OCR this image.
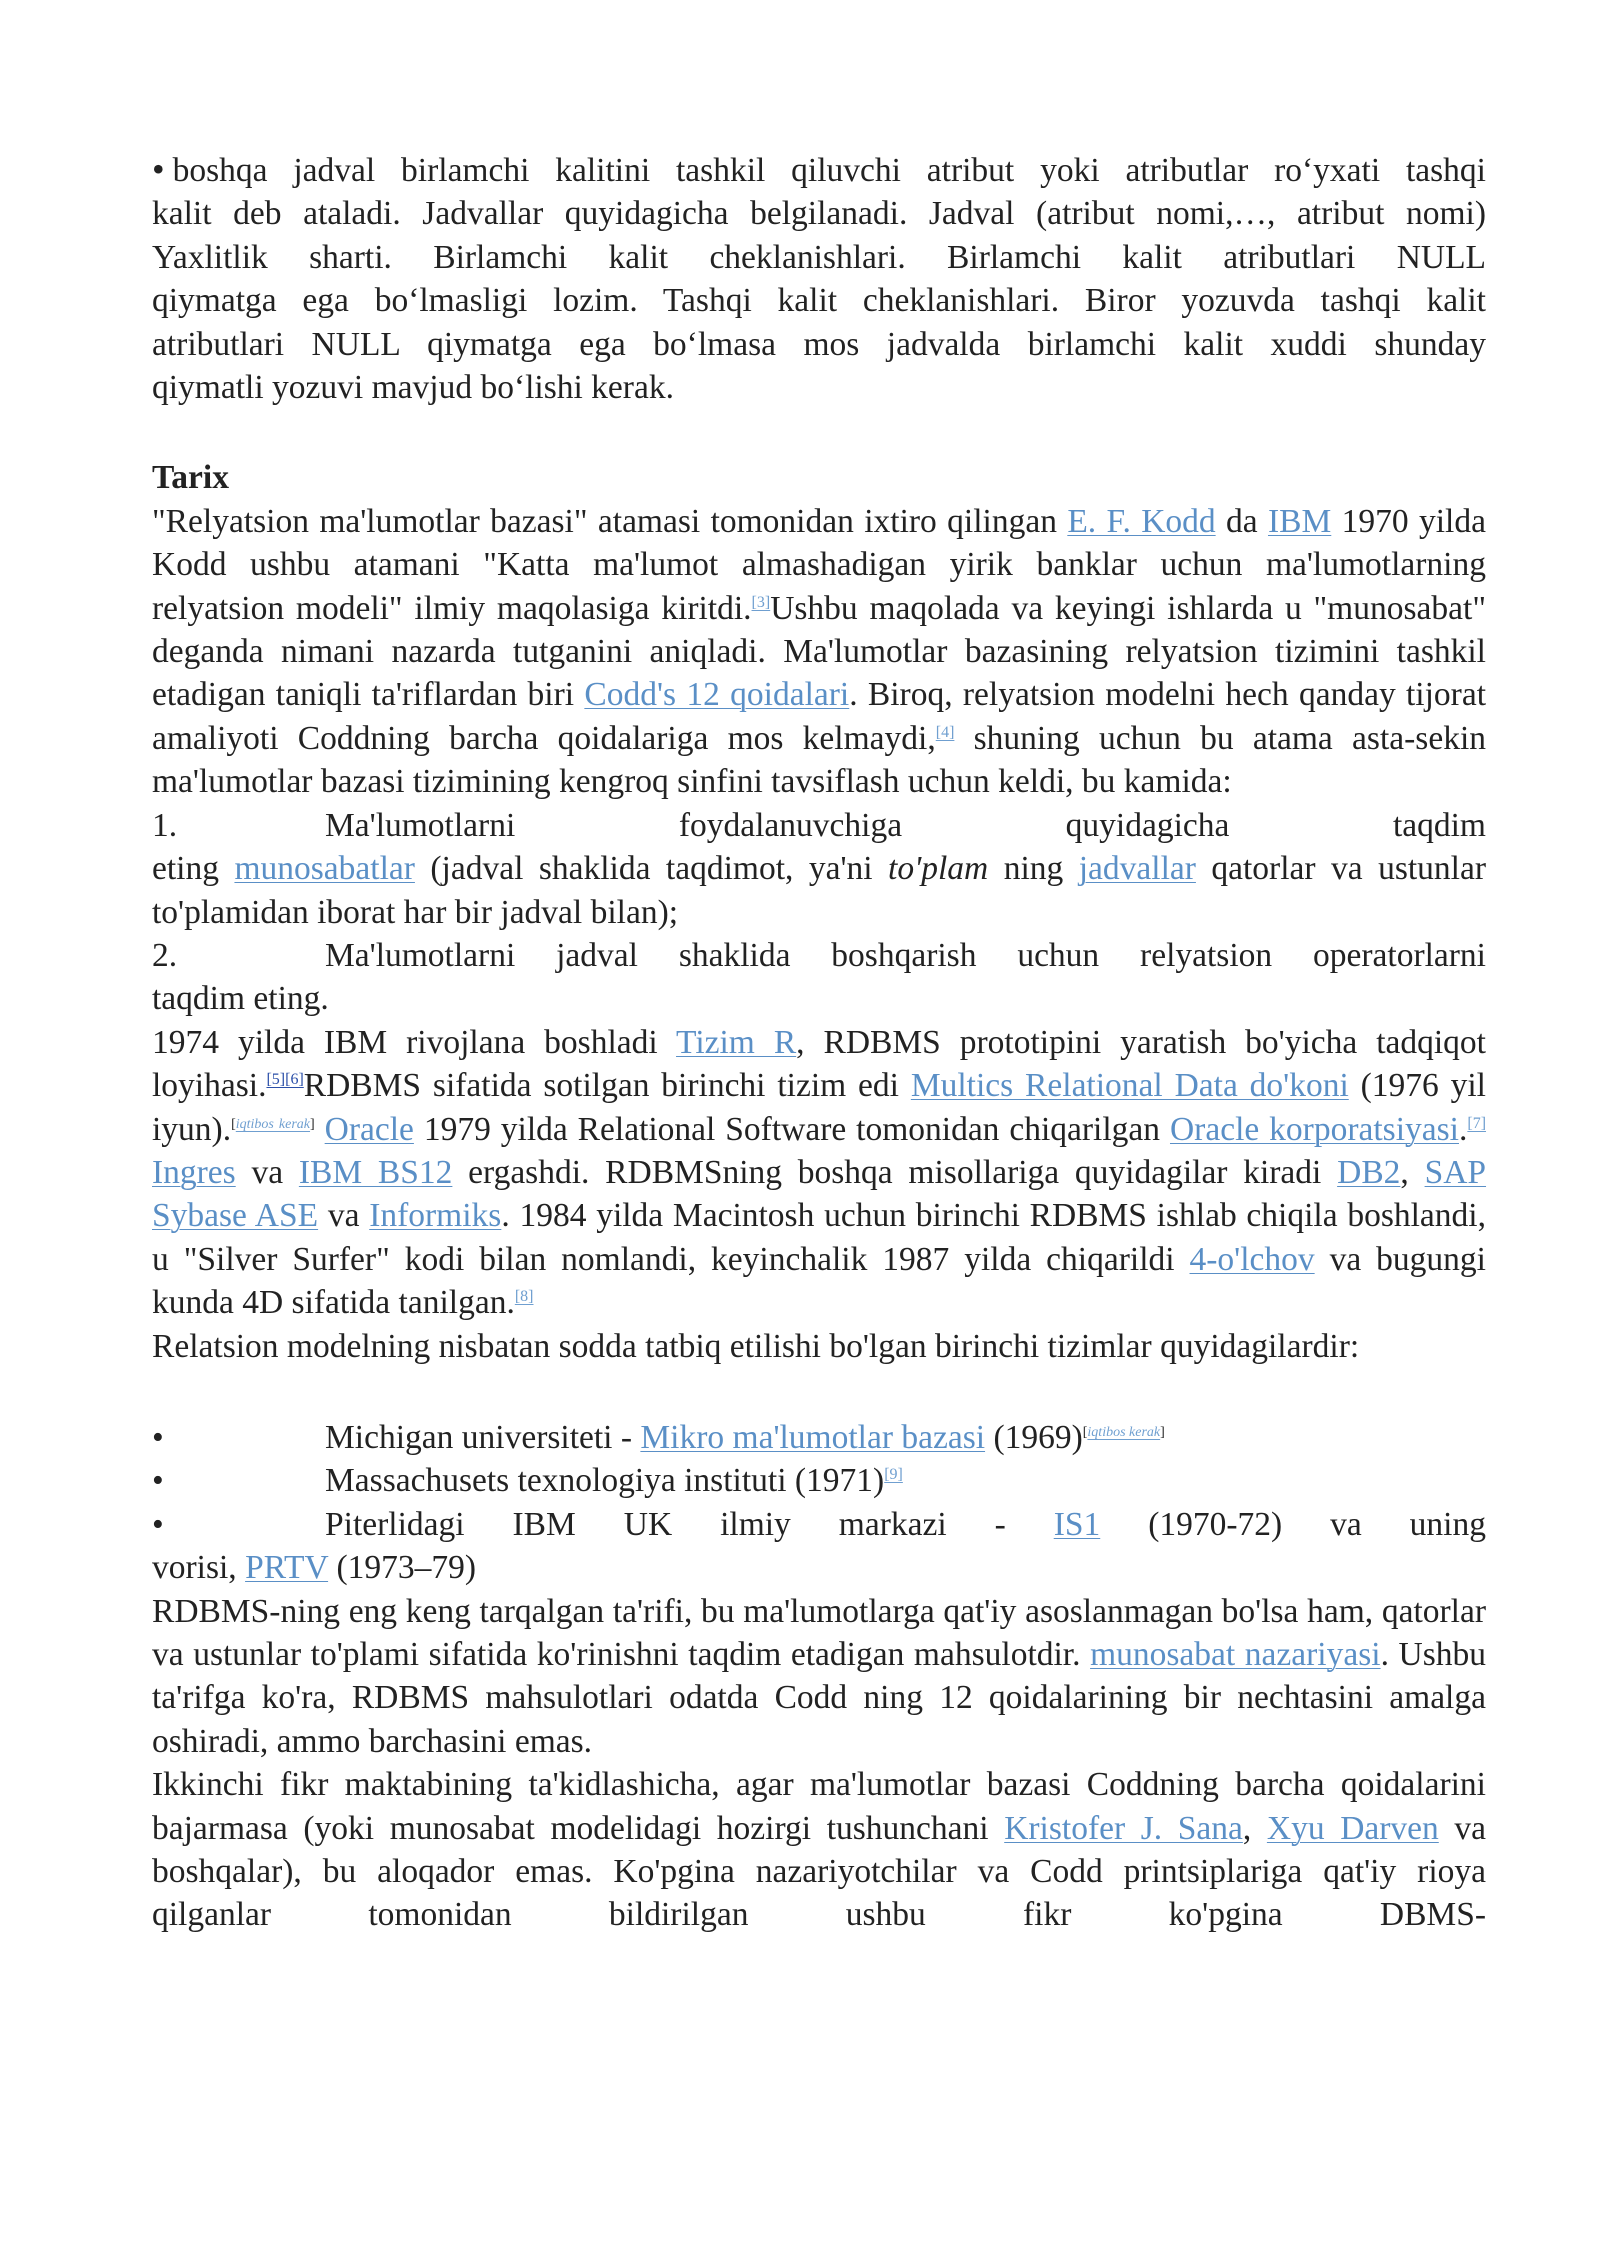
• boshqa jadval birlamchi kalitini tashkil qiluvchi atribut yoki atributlar ro‘yxati tashqi

kalit deb ataladi. Jadvallar quyidagicha belgilanadi. Jadval (atribut nomi,…, atribut nomi)

Yaxlitlik sharti. Birlamchi kalit cheklanishlari. Birlamchi kalit atributlari NULL

qiymatga ega bo‘lmasligi lozim. Tashqi kalit cheklanishlari. Biror yozuvda tashqi kalit

atributlari NULL qiymatga ega bo‘lmasa mos jadvalda birlamchi kalit xuddi shunday

qiymatli yozuvi mavjud bo‘lishi kerak.

Tarix

"Relyatsion ma'lumotlar bazasi" atamasi tomonidan ixtiro qilingan E. F. Kodd da IBM 1970 yilda Kodd ushbu atamani "Katta ma'lumot almashadigan yirik banklar uchun ma'lumotlarning relyatsion modeli" ilmiy maqolasiga kiritdi.[3]Ushbu maqolada va keyingi ishlarda u "munosabat" deganda nimani nazarda tutganini aniqladi. Ma'lumotlar bazasining relyatsion tizimini tashkil etadigan taniqli ta'riflardan biri Codd's 12 qoidalari. Biroq, relyatsion modelni hech qanday tijorat amaliyoti Coddning barcha qoidalariga mos kelmaydi,[4] shuning uchun bu atama asta-sekin ma'lumotlar bazasi tizimining kengroq sinfini tavsiflash uchun keldi, bu kamida:

1.	Ma'lumotlarni	foydalanuvchiga	quyidagicha	taqdim

eting munosabatlar (jadval shaklida taqdimot, ya'ni to'plam ning jadvallar qatorlar va ustunlar to'plamidan iborat har bir jadval bilan);

2.	Ma'lumotlarni jadval shaklida boshqarish uchun relyatsion operatorlarni

taqdim eting.

1974 yilda IBM rivojlana boshladi Tizim R, RDBMS prototipini yaratish bo'yicha tadqiqot loyihasi.[5][6]RDBMS sifatida sotilgan birinchi tizim edi Multics Relational Data do'koni (1976 yil iyun).[iqtibos kerak] Oracle 1979 yilda Relational Software tomonidan chiqarilgan Oracle korporatsiyasi.[7] Ingres va IBM BS12 ergashdi. RDBMSning boshqa misollariga quyidagilar kiradi DB2, SAP Sybase ASE va Informiks. 1984 yilda Macintosh uchun birinchi RDBMS ishlab chiqila boshlandi, u "Silver Surfer" kodi bilan nomlandi, keyinchalik 1987 yilda chiqarildi 4-o'lchov va bugungi kunda 4D sifatida tanilgan.[8]

Relatsion modelning nisbatan sodda tatbiq etilishi bo'lgan birinchi tizimlar quyidagilardir:

•	Michigan universiteti - Mikro ma'lumotlar bazasi (1969)[iqtibos kerak]
•	Massachusets texnologiya instituti (1971)[9]
•	Piterlidagi IBM UK ilmiy markazi - IS1 (1970-72) va uning

vorisi, PRTV (1973–79)

RDBMS-ning eng keng tarqalgan ta'rifi, bu ma'lumotlarga qat'iy asoslanmagan bo'lsa ham, qatorlar va ustunlar to'plami sifatida ko'rinishni taqdim etadigan mahsulotdir. munosabat nazariyasi. Ushbu ta'rifga ko'ra, RDBMS mahsulotlari odatda Codd ning 12 qoidalarining bir nechtasini amalga oshiradi, ammo barchasini emas.

Ikkinchi fikr maktabining ta'kidlashicha, agar ma'lumotlar bazasi Coddning barcha qoidalarini bajarmasa (yoki munosabat modelidagi hozirgi tushunchani Kristofer J. Sana, Xyu Darven va boshqalar), bu aloqador emas. Ko'pgina nazariyotchilar va Codd printsiplariga qat'iy rioya qilganlar tomonidan bildirilgan ushbu fikr ko'pgina DBMS-
